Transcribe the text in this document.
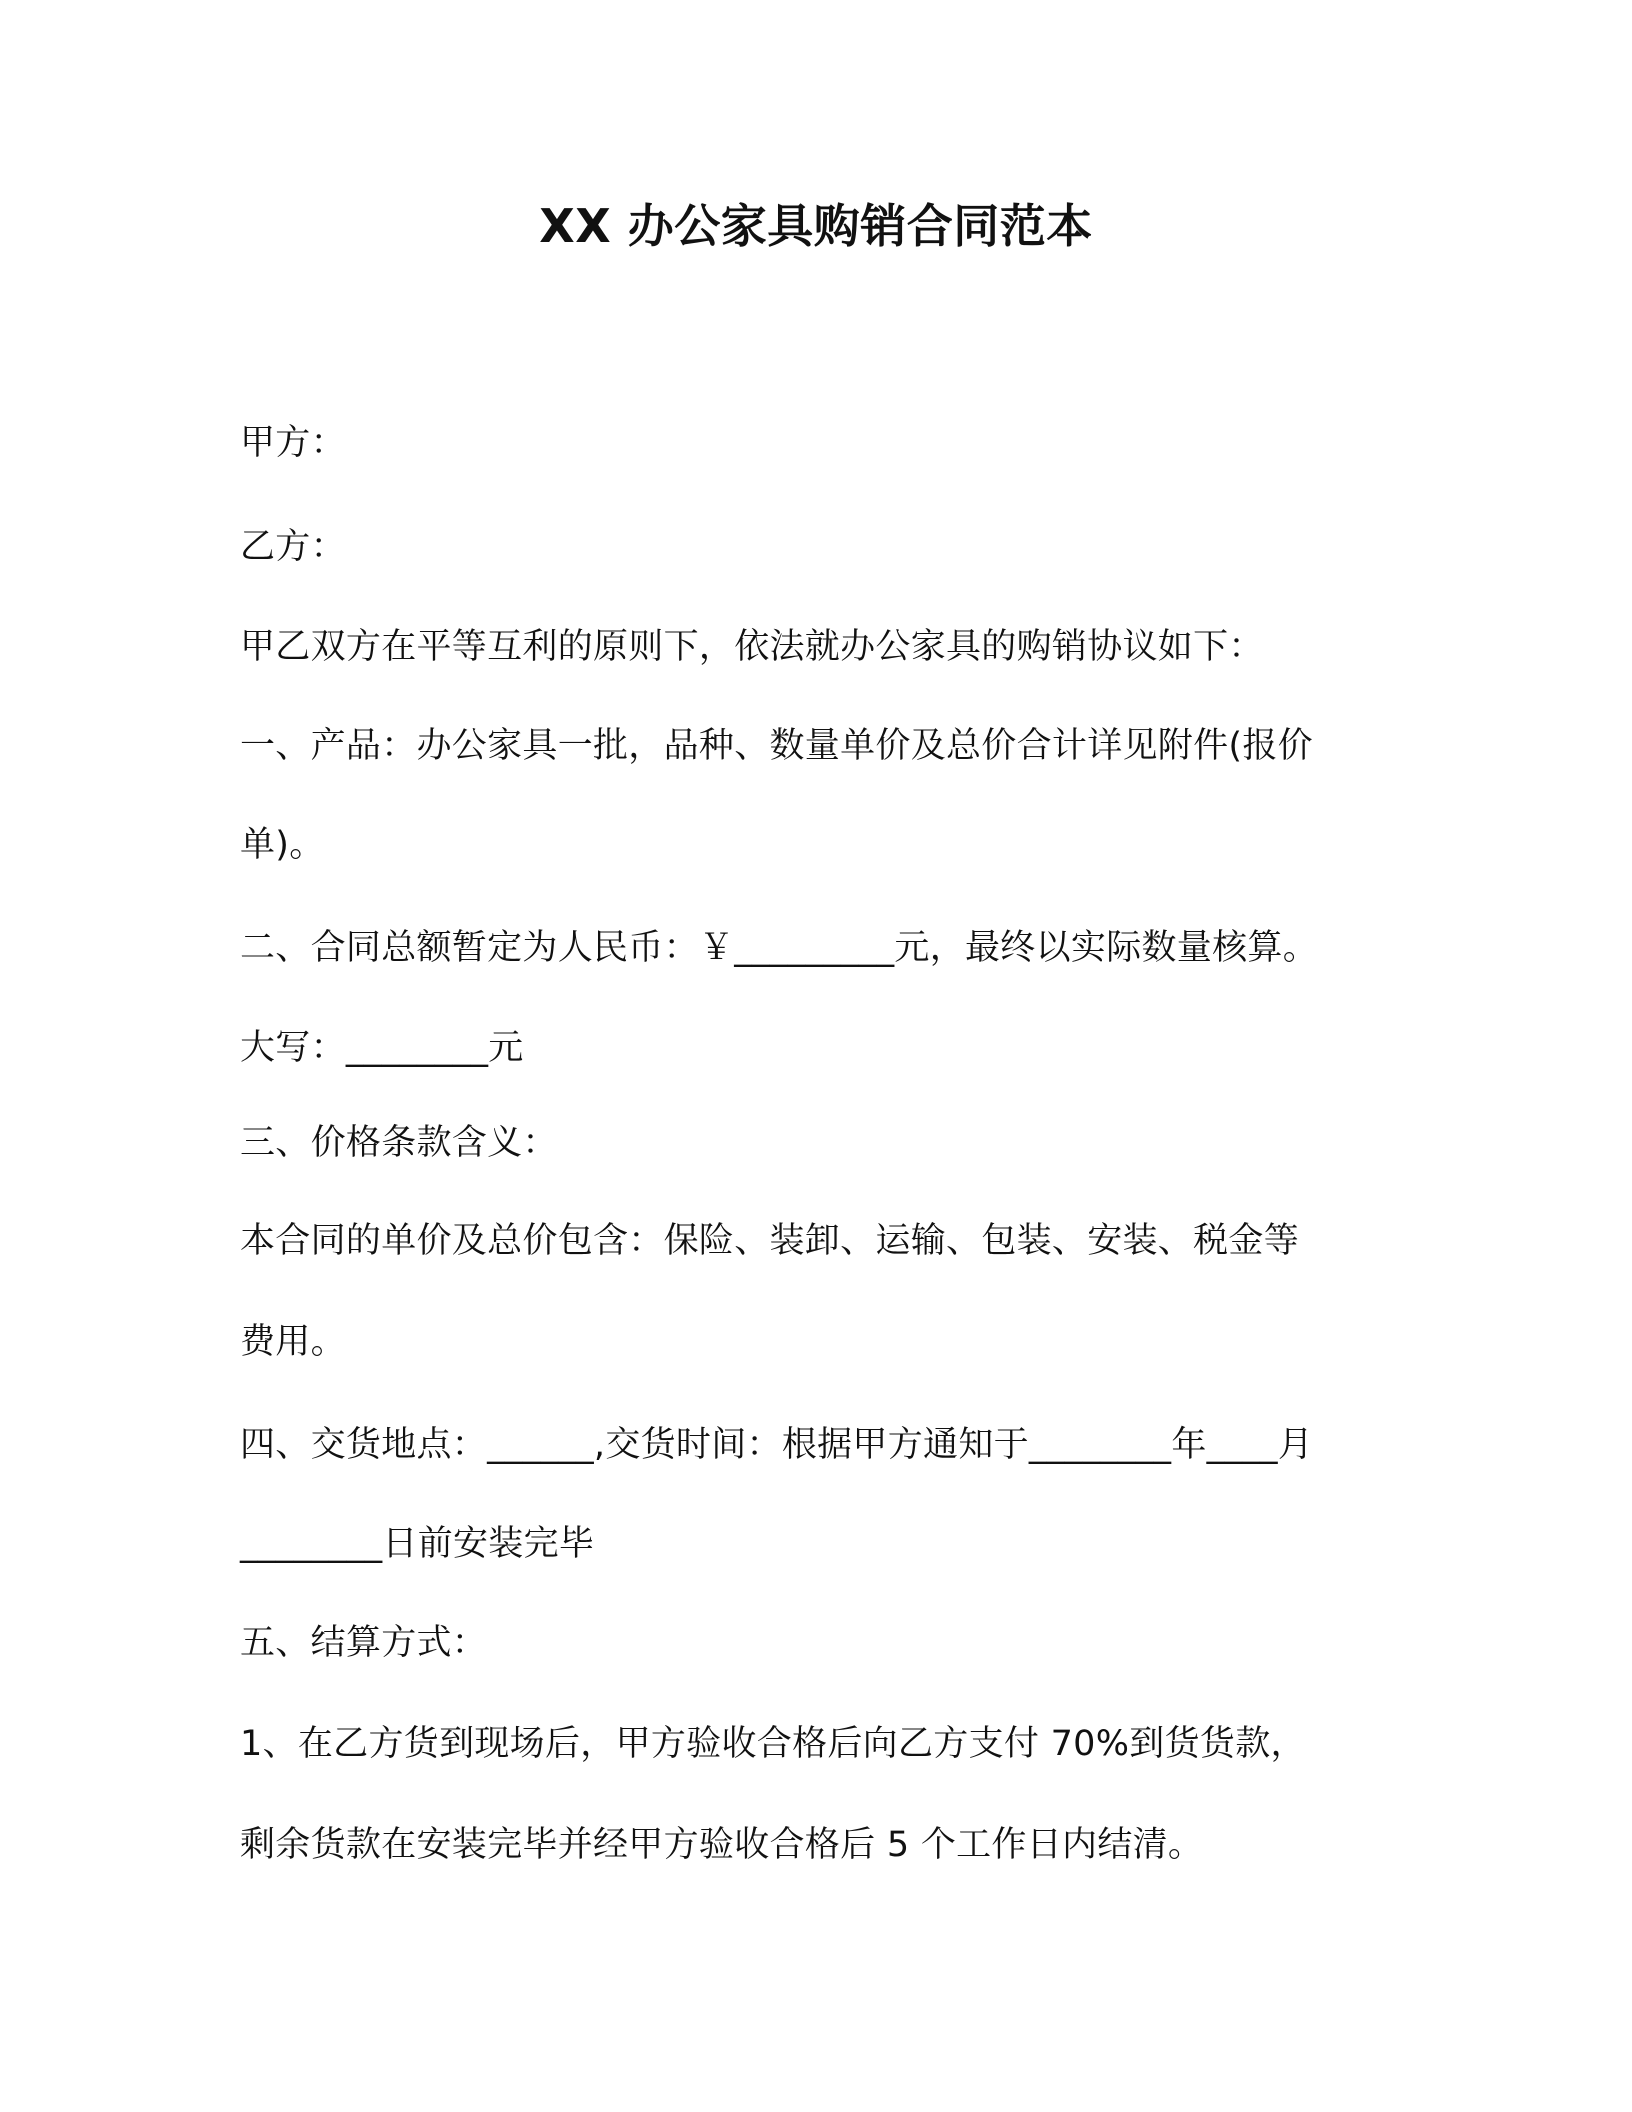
XX 办公家具购销合同范本
甲方：
乙方：
甲乙双方在平等互利的原则下，依法就办公家具的购销协议如下：
一、产品：办公家具一批，品种、数量单价及总价合计详见附件(报价
单)。
二、合同总额暂定为人民币：￥_________元，最终以实际数量核算。
大写：________元
三、价格条款含义：
本合同的单价及总价包含：保险、装卸、运输、包装、安装、税金等
费用。
四、交货地点：______,交货时间：根据甲方通知于________年____月
________日前安装完毕
五、结算方式：
1、在乙方货到现场后，甲方验收合格后向乙方支付 70%到货货款，
剩余货款在安装完毕并经甲方验收合格后 5 个工作日内结清。
